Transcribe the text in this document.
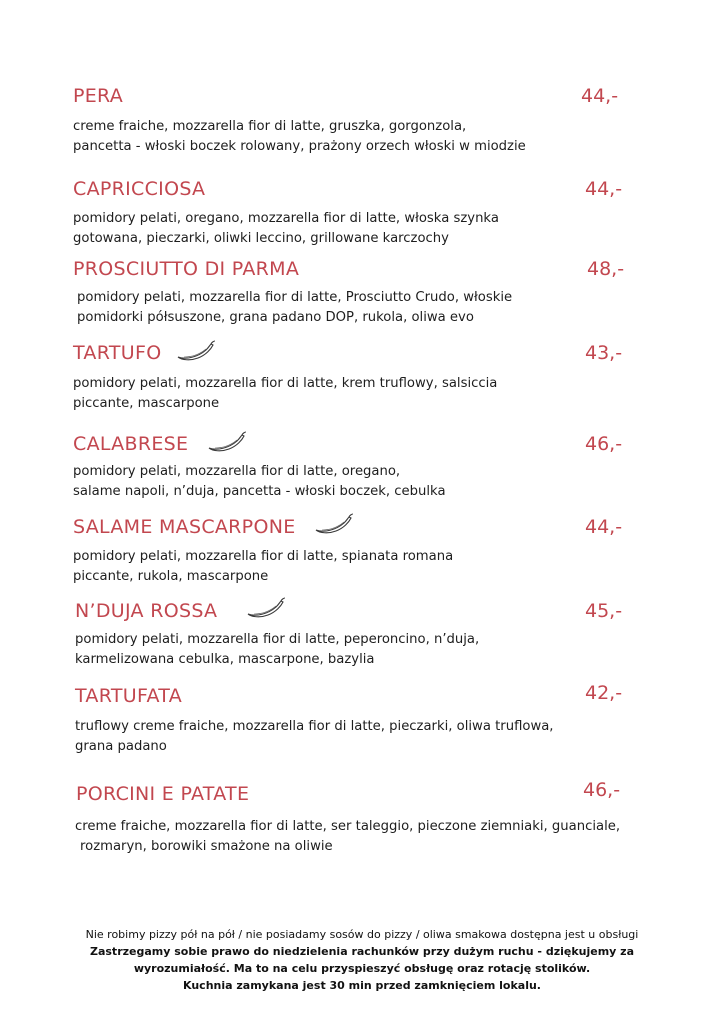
PERA	44,-
creme fraiche, mozzarella fior di latte, gruszka, gorgonzola,
pancetta - włoski boczek rolowany, prażony orzech włoski w miodzie
CAPRICCIOSA	44,-
pomidory pelati, oregano, mozzarella fior di latte, włoska szynka
gotowana, pieczarki, oliwki leccino, grillowane karczochy
PROSCIUTTO DI PARMA	48,-
pomidory pelati, mozzarella fior di latte, Prosciutto Crudo, włoskie
pomidorki półsuszone, grana padano DOP, rukola, oliwa evo
TARTUFO	43,-
pomidory pelati, mozzarella fior di latte, krem truflowy, salsiccia
piccante, mascarpone
CALABRESE	46,-
pomidory pelati, mozzarella fior di latte, oregano,
salame napoli, n’duja, pancetta - włoski boczek, cebulka
SALAME MASCARPONE	44,-
pomidory pelati, mozzarella fior di latte, spianata romana
piccante, rukola, mascarpone
N’DUJA ROSSA	45,-
pomidory pelati, mozzarella fior di latte, peperoncino, n’duja,
karmelizowana cebulka, mascarpone, bazylia
TARTUFATA	42,-
truflowy creme fraiche, mozzarella fior di latte, pieczarki, oliwa truflowa,
grana padano
PORCINI E PATATE	46,-
creme fraiche, mozzarella fior di latte, ser taleggio, pieczone ziemniaki, guanciale,
rozmaryn, borowiki smażone na oliwie
Nie robimy pizzy pół na pół / nie posiadamy sosów do pizzy / oliwa smakowa dostępna jest u obsługi
Zastrzegamy sobie prawo do niedzielenia rachunków przy dużym ruchu - dziękujemy za
wyrozumiałość. Ma to na celu przyspieszyć obsługę oraz rotację stolików.
Kuchnia zamykana jest 30 min przed zamknięciem lokalu.
